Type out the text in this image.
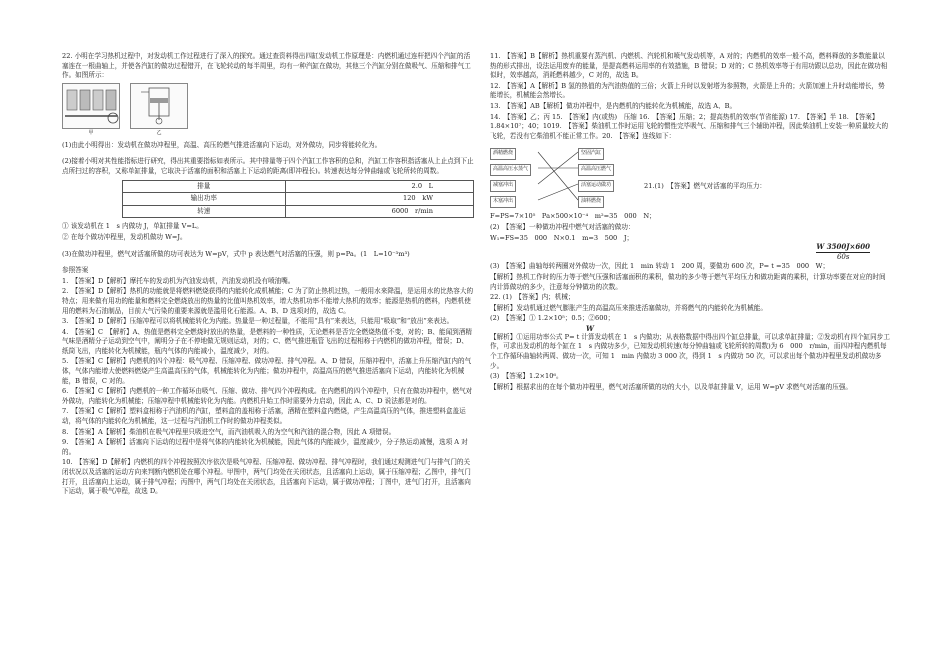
22. 小明在学习热机过程中，对发动机工作过程进行了深入的探究。通过查资料得出四缸发动机工作原理是：内燃机通过连杆把四个汽缸的活塞连在一根曲轴上，并使各汽缸的做功过程错开，在飞轮转动的每半周里，均有一种汽缸在做功，其他三个汽缸分别在做吸气、压缩和排气工作。如图所示：

甲	乙

(1)由此小明得出：发动机在做功冲程里，高温、高压的燃气推进活塞向下运动，对外做功，同步将能转化为。

(2)接着小明对其性能指标进行研究，得出其重要指标如表所示。其中排量等于四个汽缸工作容积的总和，汽缸工作容积指活塞从上止点到下止点所扫过的容积，又称单缸排量，它取决于活塞的面积和活塞上下运动的距离(即冲程长)。转速表达每分钟曲轴或飞轮所转的周数。

排量	2.0　L
输出功率	120　kW
转速	6000　r/min

① 该发动机在 1　s 内做功 J，单缸排量 V=L。

② 在每个做功冲程里，发动机做功 W=J。

(3)在做功冲程里，燃气对活塞所做的功可表达为 W=pV，式中 p 表达燃气对活塞的压强，则 p=Pa。(1　L=10⁻³m³)

参照答案

1.　【答案】D【解析】摩托车的发动机为汽油发动机，汽油发动机没有喷油嘴。

2.　【答案】D【解析】热机的功能就是将燃料燃烧获得的内能转化成机械能；C 为了防止热机过热，一般用水来降温，是运用水的比热容大的特点；用来做有用功的能量和燃料完全燃烧放出的热量的比值叫热机效率，增大热机功率不能增大热机的效率；能源是热机的燃料，内燃机使用的燃料为石油制品，目前大气污染的重要来源就是滥用化石能源。A、B、D 选项对的，故选 C。

3.　【答案】D【解析】压缩冲程可以将机械能转化为内能。热量是一种过程量，不能用“具有”来表达，只能用“吸取”和“放出”来表达。

4.　【答案】C　【解析】A、热值是燃料完全燃烧时放出的热量，是燃料的一种性质，无论燃料是否完全燃烧热值不变，对的；B、能闻到酒精气味是酒精分子运动到空气中，阐明分子在不停地做无规则运动，对的；C、燃气推进瓶管飞出的过程相称于内燃机的做功冲程，错误；D、纸筒飞出，内能转化为机械能，瓶内气体的内能减小，温度减少，对的。

5.　【答案】C【解析】内燃机的四个冲程：吸气冲程、压缩冲程、做功冲程、排气冲程。A、D 错误，压缩冲程中，活塞上升压缩汽缸内的气体，气体内能增大使燃料燃烧产生高温高压的气体，机械能转化为内能；做功冲程中，高温高压的燃气推进活塞向下运动，内能转化为机械能，B 错误，C 对的。

6.　【答案】C【解析】内燃机的一种工作循环由吸气、压缩、做功、排气四个冲程构成。在内燃机的四个冲程中，只有在做功冲程中，燃气对外做功，内能转化为机械能；压缩冲程中机械能转化为内能。内燃机升始工作时需要外力启动，因此 A、C、D 说法都是对的。

7.　【答案】C【解析】塑料盒相称于汽油机的汽缸，塑料盒的盖相称于活塞，酒精在塑料盒内燃烧，产生高温高压的气体，推进塑料盒盖运动，将气体的内能转化为机械能，这一过程与汽油机工作时的做功冲程类似。

8.　【答案】A【解析】柴油机在吸气冲程里只吸进空气，而汽油机吸入的为空气和汽油的混合物，因此 A 项错误。

9.　【答案】A【解析】活塞向下运动的过程中是将气体的内能转化为机械能，因此气体的内能减少，温度减少，分子热运动减慢，选项 A 对的。

10.　【答案】D【解析】内燃机的四个冲程按照次序依次是吸气冲程、压缩冲程、做功冲程、排气冲程时，我们通过观测进气门与排气门的关闭状况以及活塞的运动方向来判断内燃机处在哪个冲程。甲图中，两气门均处在关闭状态，且活塞向上运动，属于压缩冲程；乙图中，排气门打开，且活塞向上运动，属于排气冲程；丙图中，两气门均处在关闭状态，且活塞向下运动，属于做功冲程；丁图中，进气门打开，且活塞向下运动，属于吸气冲程，故选 D。

11.　【答案】B【解析】热机重要有蒸汽机、内燃机、汽轮机和喷气发动机等，A 对的；内燃机的效率一般不高，燃料释放的多数能量以热的形式排出，设法运用废弃的能量，是提高燃料运用率的有效措施，B 错误；D 对的；C 热机效率等于有用功跟以总功，因此在做功相似时，效率越高，消耗燃料越少，C 对的，故选 B。

12.　【答案】A【解析】B 氢的热值的为汽油热值的三倍；火箭上升时以发射塔为参照物，火箭是上升的；火箭加速上升时动能增长，势　能增长，机械能会然增长。

13.　【答案】AB【解析】做功冲程中，是内燃机的内能转化为机械能，故选 A、B。

14.　【答案】乙；丙 15.　【答案】内(或热)　压缩 16.　【答案】压缩；2；提高热机的效率(节省能源) 17.　【答案】半 18.　【答案】1.84×10⁷；40；1019.　【答案】柴油机工作时运用飞轮的惯性完毕吸气、压缩和排气三个辅助冲程，因此柴油机上安装一种质量较大的飞轮，若没有它柴油机不能正常工作。20.　【答案】连线如下：

酒精燃烧
高温高压水蒸气
减塞冲出
木塞冲出
坚固汽缸
高温高压燃气
活塞运动做功
油料燃烧

21.(1)　【答案】燃气对活塞的平均压力：

F=PS=7×10⁵　Pa×500×10⁻⁴　m²=35　000　N；

(2)　【答案】一种做功冲程中燃气对活塞的做功：

W₁=FS=35　000　N×0.1　m=3　500　J；

$\frac{W 3500J\times 600}{60s}$

(3)　【答案】曲轴每转两圈对外做功一次，因此 1　min 转动 1　200 周，要做功 600 次，P= t =35　000　W；

【解析】热机工作时的压力等于燃气压强和活塞面积的乘积，做功的多少等于燃气平均压力和做功距离的乘积，计算功率要在对应的时间内计算做功的多少，注意每分钟做功的次数。

22. (1)　【答案】内；机械；

【解析】发动机通过燃气膨胀产生的高温高压来推进活塞做功，并将燃气的内能转化为机械能。

(2)　【答案】① 1.2×10⁵；0.5；②600；

W

【解析】①运用功率公式 P= t 计算发动机在 1　s 内做功；从表格数据中得出四个缸总排量，可以求单缸排量；②发动机有四个缸同步工作，可求出发动机的每个缸在 1　s 内做功多少，已知发动机转速(每分钟曲轴或飞轮所转的周数)为 6　000　r/min，而四冲程内燃机每个工作循环曲轴转两周、做功一次，可知 1　min 内做功 3 000 次，得到 1　s 内做功 50 次，可以求出每个做功冲程里发动机做功多少。

(3)　【答案】1.2×10⁶。

【解析】根据求出的在每个做功冲程里，燃气对活塞所做的功的大小，以及单缸排量 V，运用 W=pV 求燃气对活塞的压强。
